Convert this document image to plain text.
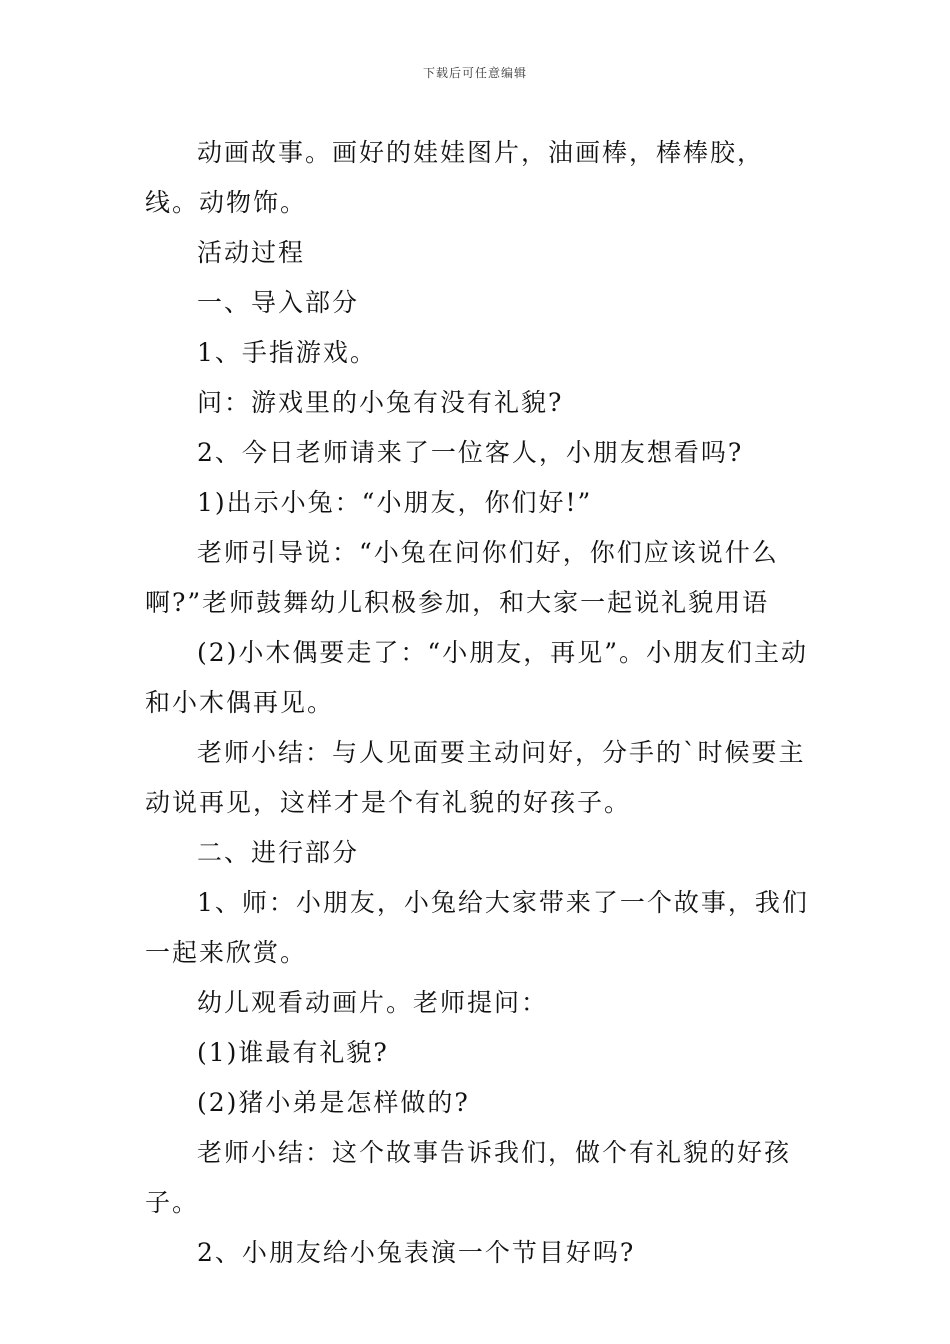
下载后可任意编辑

动画故事。画好的娃娃图片，油画棒，棒棒胶，线。动物饰。

活动过程

一、导入部分

1、手指游戏。

问：游戏里的小兔有没有礼貌?

2、今日老师请来了一位客人，小朋友想看吗?

1)出示小兔：“小朋友，你们好!”

老师引导说：“小兔在问你们好，你们应该说什么啊?”老师鼓舞幼儿积极参加，和大家一起说礼貌用语

(2)小木偶要走了：“小朋友，再见”。小朋友们主动和小木偶再见。

老师小结：与人见面要主动问好，分手的`时候要主动说再见，这样才是个有礼貌的好孩子。

二、进行部分

1、师：小朋友，小兔给大家带来了一个故事，我们一起来欣赏。

幼儿观看动画片。老师提问：

(1)谁最有礼貌?

(2)猪小弟是怎样做的?

老师小结：这个故事告诉我们，做个有礼貌的好孩子。

2、小朋友给小兔表演一个节目好吗?
